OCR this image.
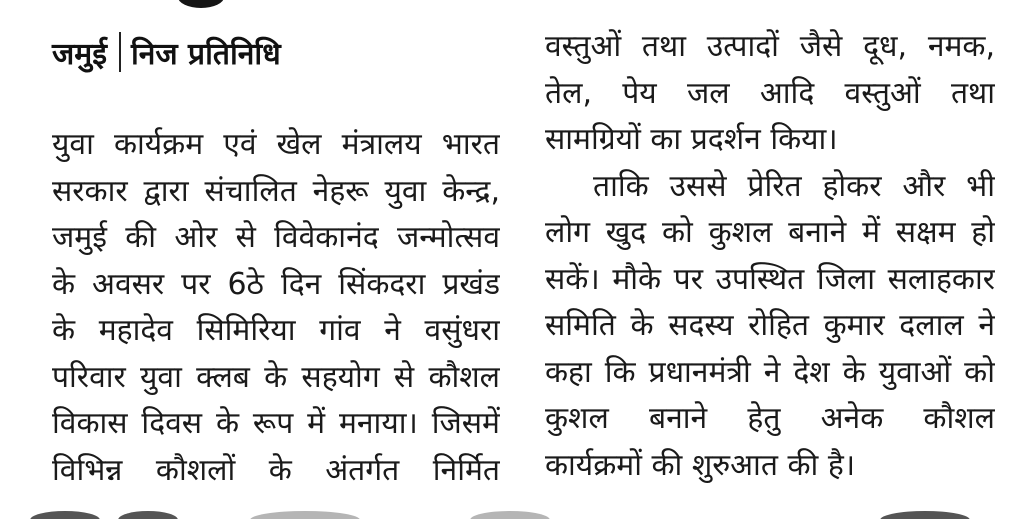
जमुई निज प्रतिनिधि
युवा कार्यक्रम एवं खेल मंत्रालय भारत
सरकार द्वारा संचालित नेहरू युवा केन्द्र,
जमुई की ओर से विवेकानंद जन्मोत्सव
के अवसर पर 6ठे दिन सिंकदरा प्रखंड
के महादेव सिमिरिया गांव ने वसुंधरा
परिवार युवा क्लब के सहयोग से कौशल
विकास दिवस के रूप में मनाया। जिसमें
विभिन्न कौशलों के अंतर्गत निर्मित
वस्तुओं तथा उत्पादों जैसे दूध, नमक,
तेल, पेय जल आदि वस्तुओं तथा
सामग्रियों का प्रदर्शन किया।
ताकि उससे प्रेरित होकर और भी
लोग खुद को कुशल बनाने में सक्षम हो
सकें। मौके पर उपस्थित जिला सलाहकार
समिति के सदस्य रोहित कुमार दलाल ने
कहा कि प्रधानमंत्री ने देश के युवाओं को
कुशल बनाने हेतु अनेक कौशल
कार्यक्रमों की शुरुआत की है।
